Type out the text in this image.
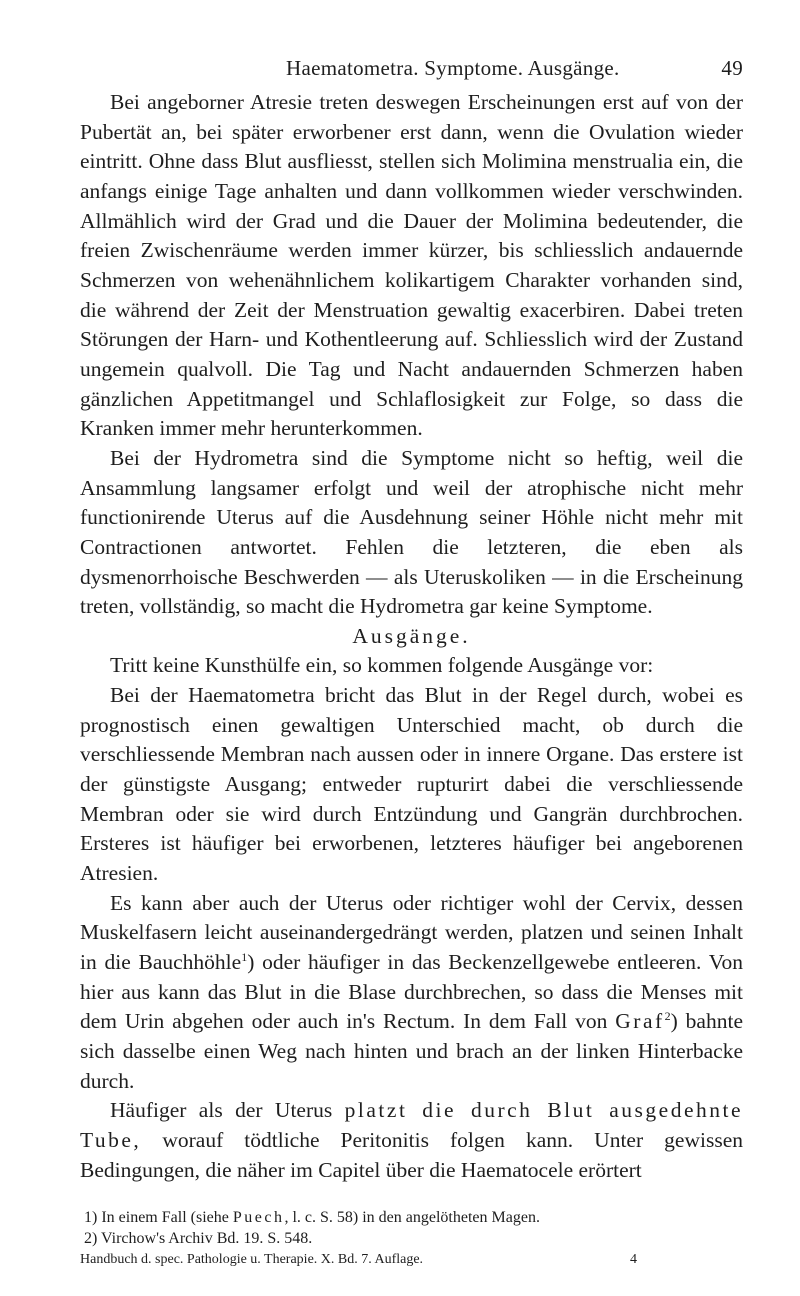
Haematometra. Symptome. Ausgänge.	49

Bei angeborner Atresie treten deswegen Erscheinungen erst auf von der Pubertät an, bei später erworbener erst dann, wenn die Ovulation wieder eintritt. Ohne dass Blut ausfliesst, stellen sich Molimina menstrualia ein, die anfangs einige Tage anhalten und dann vollkommen wieder verschwinden. Allmählich wird der Grad und die Dauer der Molimina bedeutender, die freien Zwischenräume werden immer kürzer, bis schliesslich andauernde Schmerzen von wehenähnlichem kolikartigem Charakter vorhanden sind, die während der Zeit der Menstruation gewaltig exacerbiren. Dabei treten Störungen der Harn- und Kothentleerung auf. Schliesslich wird der Zustand ungemein qualvoll. Die Tag und Nacht andauernden Schmerzen haben gänzlichen Appetitmangel und Schlaflosigkeit zur Folge, so dass die Kranken immer mehr herunterkommen.

Bei der Hydrometra sind die Symptome nicht so heftig, weil die Ansammlung langsamer erfolgt und weil der atrophische nicht mehr functionirende Uterus auf die Ausdehnung seiner Höhle nicht mehr mit Contractionen antwortet. Fehlen die letzteren, die eben als dysmenorrhoische Beschwerden — als Uteruskoliken — in die Erscheinung treten, vollständig, so macht die Hydrometra gar keine Symptome.

Ausgänge.

Tritt keine Kunsthülfe ein, so kommen folgende Ausgänge vor:

Bei der Haematometra bricht das Blut in der Regel durch, wobei es prognostisch einen gewaltigen Unterschied macht, ob durch die verschliessende Membran nach aussen oder in innere Organe. Das erstere ist der günstigste Ausgang; entweder rupturirt dabei die verschliessende Membran oder sie wird durch Entzündung und Gangrän durchbrochen. Ersteres ist häufiger bei erworbenen, letzteres häufiger bei angeborenen Atresien.

Es kann aber auch der Uterus oder richtiger wohl der Cervix, dessen Muskelfasern leicht auseinandergedrängt werden, platzen und seinen Inhalt in die Bauchhöhle$^1$) oder häufiger in das Beckenzellgewebe entleeren. Von hier aus kann das Blut in die Blase durchbrechen, so dass die Menses mit dem Urin abgehen oder auch in's Rectum. In dem Fall von Graf$^2$) bahnte sich dasselbe einen Weg nach hinten und brach an der linken Hinterbacke durch.

Häufiger als der Uterus platzt die durch Blut ausgedehnte Tube, worauf tödtliche Peritonitis folgen kann. Unter gewissen Bedingungen, die näher im Capitel über die Haematocele erörtert

1) In einem Fall (siehe Puech, l. c. S. 58) in den angelötheten Magen.
2) Virchow's Archiv Bd. 19. S. 548.
Handbuch d. spec. Pathologie u. Therapie. X. Bd. 7. Auflage.	4
